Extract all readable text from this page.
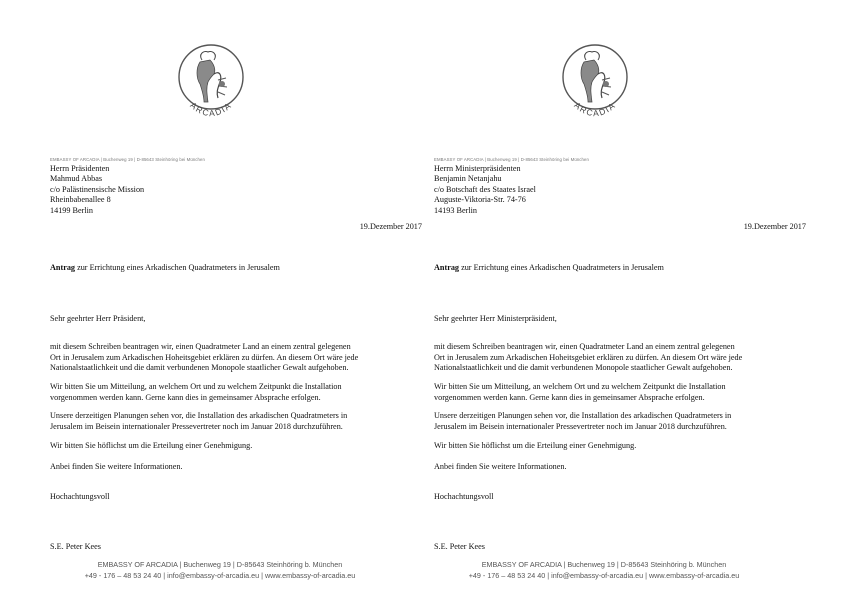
ARCADIA
EMBASSY OF ARCADIA | Buchenweg 19 | D-85643 Steinhöring bei München
Herrn Präsidenten
Mahmud Abbas
c/o Palästinensische Mission
Rheinbabenallee 8
14199 Berlin
19.Dezember 2017
Antrag zur Errichtung eines Arkadischen Quadratmeters in Jerusalem
Sehr geehrter Herr Präsident,
mit diesem Schreiben beantragen wir, einen Quadratmeter Land an einem zentral gelegenen
Ort in Jerusalem zum Arkadischen Hoheitsgebiet erklären zu dürfen. An diesem Ort wäre jede
Nationalstaatlichkeit und die damit verbundenen Monopole staatlicher Gewalt aufgehoben.
Wir bitten Sie um Mitteilung, an welchem Ort und zu welchem Zeitpunkt die Installation
vorgenommen werden kann. Gerne kann dies in gemeinsamer Absprache erfolgen.
Unsere derzeitigen Planungen sehen vor, die Installation des arkadischen Quadratmeters in
Jerusalem im Beisein internationaler Pressevertreter noch im Januar 2018 durchzuführen.
Wir bitten Sie höflichst um die Erteilung einer Genehmigung.
Anbei finden Sie weitere Informationen.
Hochachtungsvoll
S.E. Peter Kees
EMBASSY OF ARCADIA | Buchenweg 19 | D-85643 Steinhöring b. München
+49 - 176 – 48 53 24 40 | info@embassy-of-arcadia.eu | www.embassy-of-arcadia.eu
ARCADIA
EMBASSY OF ARCADIA | Buchenweg 19 | D-85643 Steinhöring bei München
Herrn Ministerpräsidenten
Benjamin Netanjahu
c/o Botschaft des Staates Israel
Auguste-Viktoria-Str. 74-76
14193 Berlin
19.Dezember 2017
Antrag zur Errichtung eines Arkadischen Quadratmeters in Jerusalem
Sehr geehrter Herr Ministerpräsident,
mit diesem Schreiben beantragen wir, einen Quadratmeter Land an einem zentral gelegenen
Ort in Jerusalem zum Arkadischen Hoheitsgebiet erklären zu dürfen. An diesem Ort wäre jede
Nationalstaatlichkeit und die damit verbundenen Monopole staatlicher Gewalt aufgehoben.
Wir bitten Sie um Mitteilung, an welchem Ort und zu welchem Zeitpunkt die Installation
vorgenommen werden kann. Gerne kann dies in gemeinsamer Absprache erfolgen.
Unsere derzeitigen Planungen sehen vor, die Installation des arkadischen Quadratmeters in
Jerusalem im Beisein internationaler Pressevertreter noch im Januar 2018 durchzuführen.
Wir bitten Sie höflichst um die Erteilung einer Genehmigung.
Anbei finden Sie weitere Informationen.
Hochachtungsvoll
S.E. Peter Kees
EMBASSY OF ARCADIA | Buchenweg 19 | D-85643 Steinhöring b. München
+49 - 176 – 48 53 24 40 | info@embassy-of-arcadia.eu | www.embassy-of-arcadia.eu
